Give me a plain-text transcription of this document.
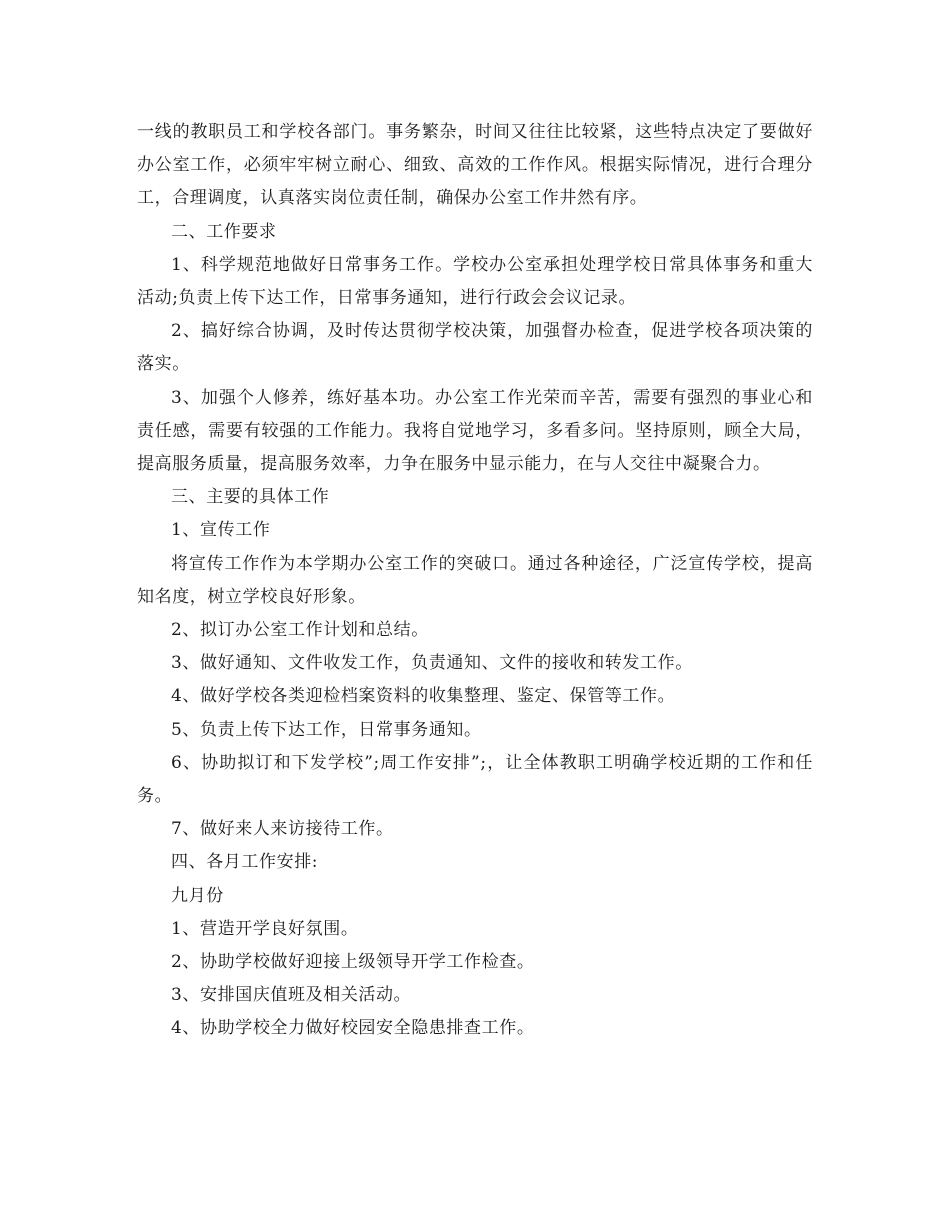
一线的教职员工和学校各部门。事务繁杂，时间又往往比较紧，这些特点决定了要做好办公室工作，必须牢牢树立耐心、细致、高效的工作作风。根据实际情况，进行合理分工，合理调度，认真落实岗位责任制，确保办公室工作井然有序。

二、工作要求

1、科学规范地做好日常事务工作。学校办公室承担处理学校日常具体事务和重大活动;负责上传下达工作，日常事务通知，进行行政会会议记录。

2、搞好综合协调，及时传达贯彻学校决策，加强督办检查，促进学校各项决策的落实。

3、加强个人修养，练好基本功。办公室工作光荣而辛苦，需要有强烈的事业心和责任感，需要有较强的工作能力。我将自觉地学习，多看多问。坚持原则，顾全大局，提高服务质量，提高服务效率，力争在服务中显示能力，在与人交往中凝聚合力。

三、主要的具体工作

1、宣传工作

将宣传工作作为本学期办公室工作的突破口。通过各种途径，广泛宣传学校，提高知名度，树立学校良好形象。

2、拟订办公室工作计划和总结。

3、做好通知、文件收发工作，负责通知、文件的接收和转发工作。

4、做好学校各类迎检档案资料的收集整理、鉴定、保管等工作。

5、负责上传下达工作，日常事务通知。

6、协助拟订和下发学校”;周工作安排”;，让全体教职工明确学校近期的工作和任务。

7、做好来人来访接待工作。

四、各月工作安排:

九月份

1、营造开学良好氛围。

2、协助学校做好迎接上级领导开学工作检查。

3、安排国庆值班及相关活动。

4、协助学校全力做好校园安全隐患排查工作。
